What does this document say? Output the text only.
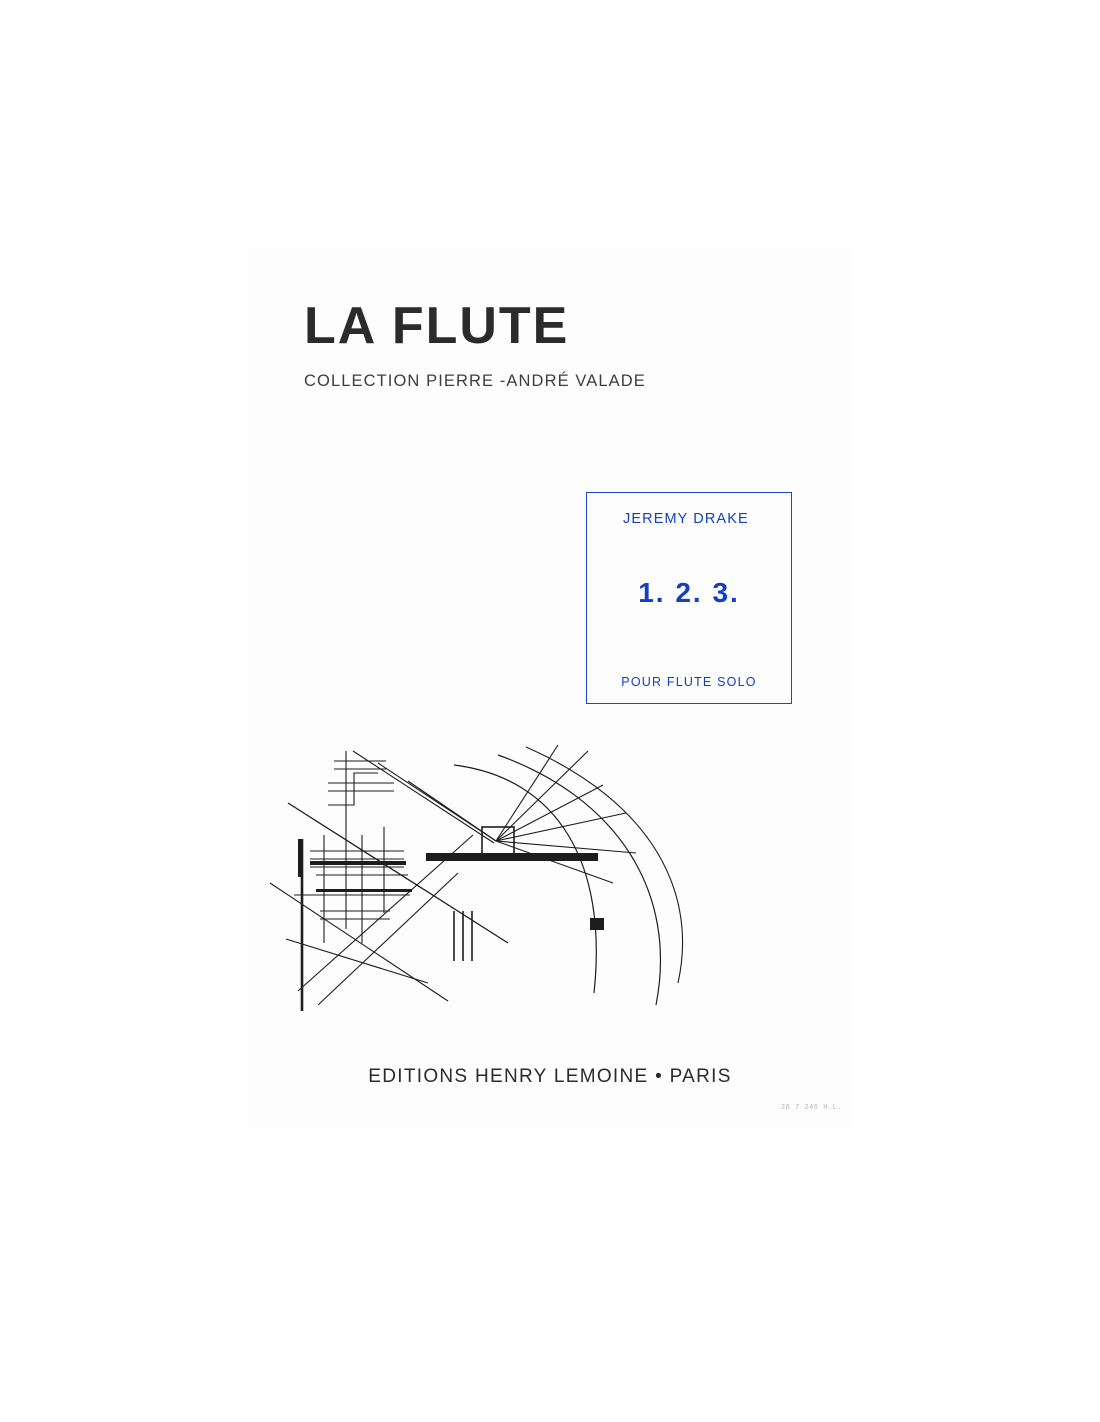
LA FLUTE
COLLECTION PIERRE -ANDRÉ VALADE
JEREMY DRAKE
1. 2. 3.
POUR FLUTE SOLO
EDITIONS HENRY LEMOINE • PARIS
26 7 246 H.L.
